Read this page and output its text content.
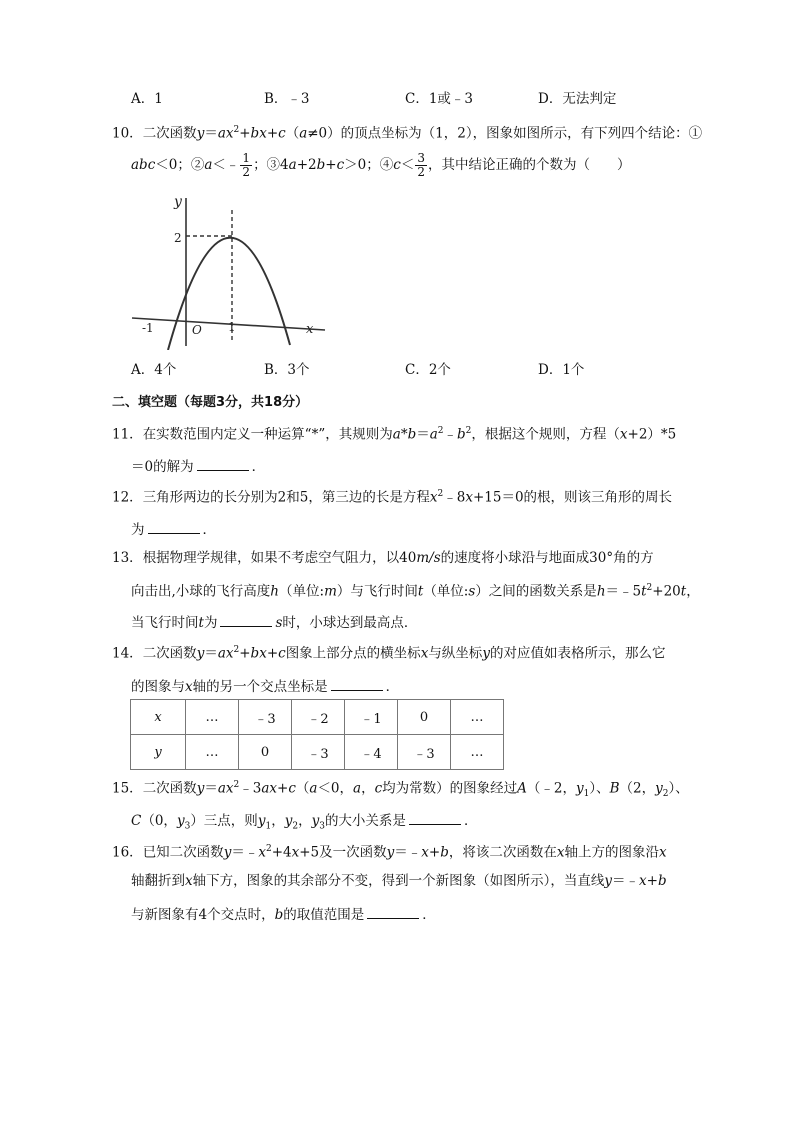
A．1	B．﹣3	C．1或﹣3	D．无法判定
10．二次函数$y=ax^2+bx+c(a\ne 0)$的顶点坐标为（1，2），图象如图所示，有下列四个结论：①
abc＜0；②a＜﹣ $\frac{1}{2}$ ；③4a+2b+c＞0；④c＜ $\frac{3}{2}$ ，其中结论正确的个数为（　　）
y
2
-1	O 1	x
A．4个	B．3个	C．2个	D．1个
二、填空题（每题3分，共18分）
11．在实数范围内定义一种运算“*”，其规则为$a*b=a^2﹣b^2$，根据这个规则，方程（x+2）*5
＝0的解为	．
12．三角形两边的长分别为2和5，第三边的长是方程$x^2﹣8x+15=0$的根，则该三角形的周长
为	．
13．根据物理学规律，如果不考虑空气阻力，以40m/s的速度将小球沿与地面成30°角的方
向击出,小球的飞行高度h（单位:m）与飞行时间t（单位:s）之间的函数关系是$h=﹣5t^2+20t$，
当飞行时间t为	s时，小球达到最高点．
14．二次函数$y=ax^2+bx+c$图象上部分点的横坐标x与纵坐标y的对应值如表格所示，那么它
的图象与x轴的另一个交点坐标是	．
x	…	﹣3	﹣2	﹣1	0	…
y	…	0	﹣3	﹣4	﹣3	…
15．二次函数$y=ax^2﹣3ax+c(a<0$，a，c均为常数）的图象经过A（﹣2，$y_1$）、B（2，$y_2$）、
C（0，$y_3$）三点，则$y_1$，$y_2$，$y_3$的大小关系是	．
16．已知二次函数$y=﹣x^2+4x+5$及一次函数y＝﹣x+b，将该二次函数在x轴上方的图象沿x
轴翻折到x轴下方，图象的其余部分不变，得到一个新图象（如图所示），当直线y＝﹣x+b
与新图象有4个交点时，b的取值范围是	．
